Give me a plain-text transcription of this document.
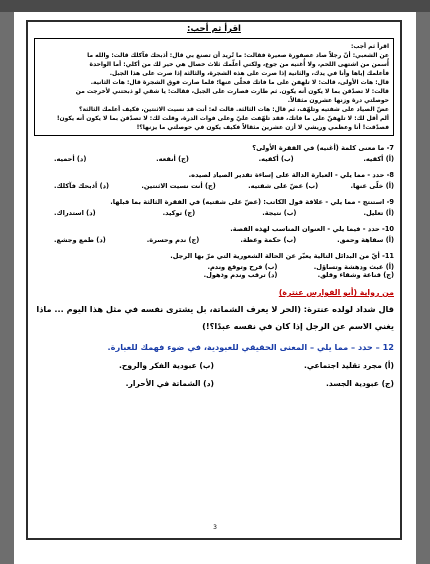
اقرأ ثم أجب:

اقرأ ثم أجب:

عن الشعبي: أنّ رجلاً صاد عصفورة صغيرة فقالت: ما تُريد أن تصنع بي قال: أذبحك فآكلك قالت: والله ما

أُسمن من اشتهى اللحم، ولا أُغنيه من جوع، ولكني أعلّمك ثلاث خصال هي خير لك من أكلي: أما الواحدة

فأعلمك إياها وأنا في يدك، والثانية إذا صرت على هذه الشجرة، والثالثة إذا صرت على هذا الجبل.

قال: هات الأولى، قالت: لا تلهفن على ما فاتك فخلّى عنها؛ فلما صارت فوق الشجرة قال: هات الثانية.

قالت: لا تصدّقن بما لا يكون أنه يكون. ثم طارت فصارت على الجبل، فقالت: يا شقي لو ذبحتني لأخرجت من

حوصلتي درة وزنها عشرون مثقالاً.

عضّ الصياد على شفتيه وتلهّف، ثم قال: هات الثالثة. قالت له: أنت قد نسيت الاثنتين، فكيف أعلمك الثالثة؟

ألم أقل لك: لا تلهفنّ على ما فاتك، فقد تلهّفت عليّ وعلى فوات الدرة، وقلت لك: لا تصدّقن بما لا يكون أنه يكون!

فصدّقت! أنا وعظمي وريشي لا أزن عشرين مثقالاً فكيف يكون في حوصلتي ما يزنها؟!

7- ما معنى كلمة (أغنيه) في الفقرة الأولى؟
(أ) أكفيه.
(ب) أكفيه.
(ج) أنفعه.
(د) أحميه.
8- حدد - مما يلي - العبارة الدالة على إساءة تقدير الصياد لصيده.
(أ) خلّى عنها.
(ب) عضّ على شفتيه.
(ج) أنت نسيت الاثنتين.
(د) أذبحك فآكلك.
9- استنتج - مما يلي - علاقة قول الكاتب: (عضّ على شفتيه) في الفقرة الثالثة بما قبلها.
(أ) تعليل.
(ب) نتيجة.
(ج) توكيد.
(د) استدراك.
10- حدد - فيما يلي - العنوان المناسب لهذه القصة.
(أ) سفاهة وحمق.
(ب) حكمة وعظة.
(ج) ندم وحسرة.
(د) طمع وجشع.
11- أيّ من البدائل التالية يعبّر عن الحالة الشعورية التي مرّ بها الرجل.
(أ) عبث ودهشة وتساؤل.
(ب) فرح وتوقع وندم.
(ج) قناعة وشقاء وقلق.
(د) ترقب وندم وذهول.
من رواية (أبو الفوارس عنترة)
قال شداد لولده عنترة: (الحر لا يعرف الشماتة، بل يشترى نفسه في مثل هذا اليوم ... ماذا يغني الاسم عن الرجل إذا كان في نفسه عبدًا؟!)
12 – حدد – مما يلي – المعنى الحقيقي للعبودية، في ضوء فهمك للعبارة.
(أ) مجرد تقليد اجتماعي.
(ب) عبودية الفكر والروح.
(ج) عبودية الجسد.
(د) الشماتة في الأحرار.
3
